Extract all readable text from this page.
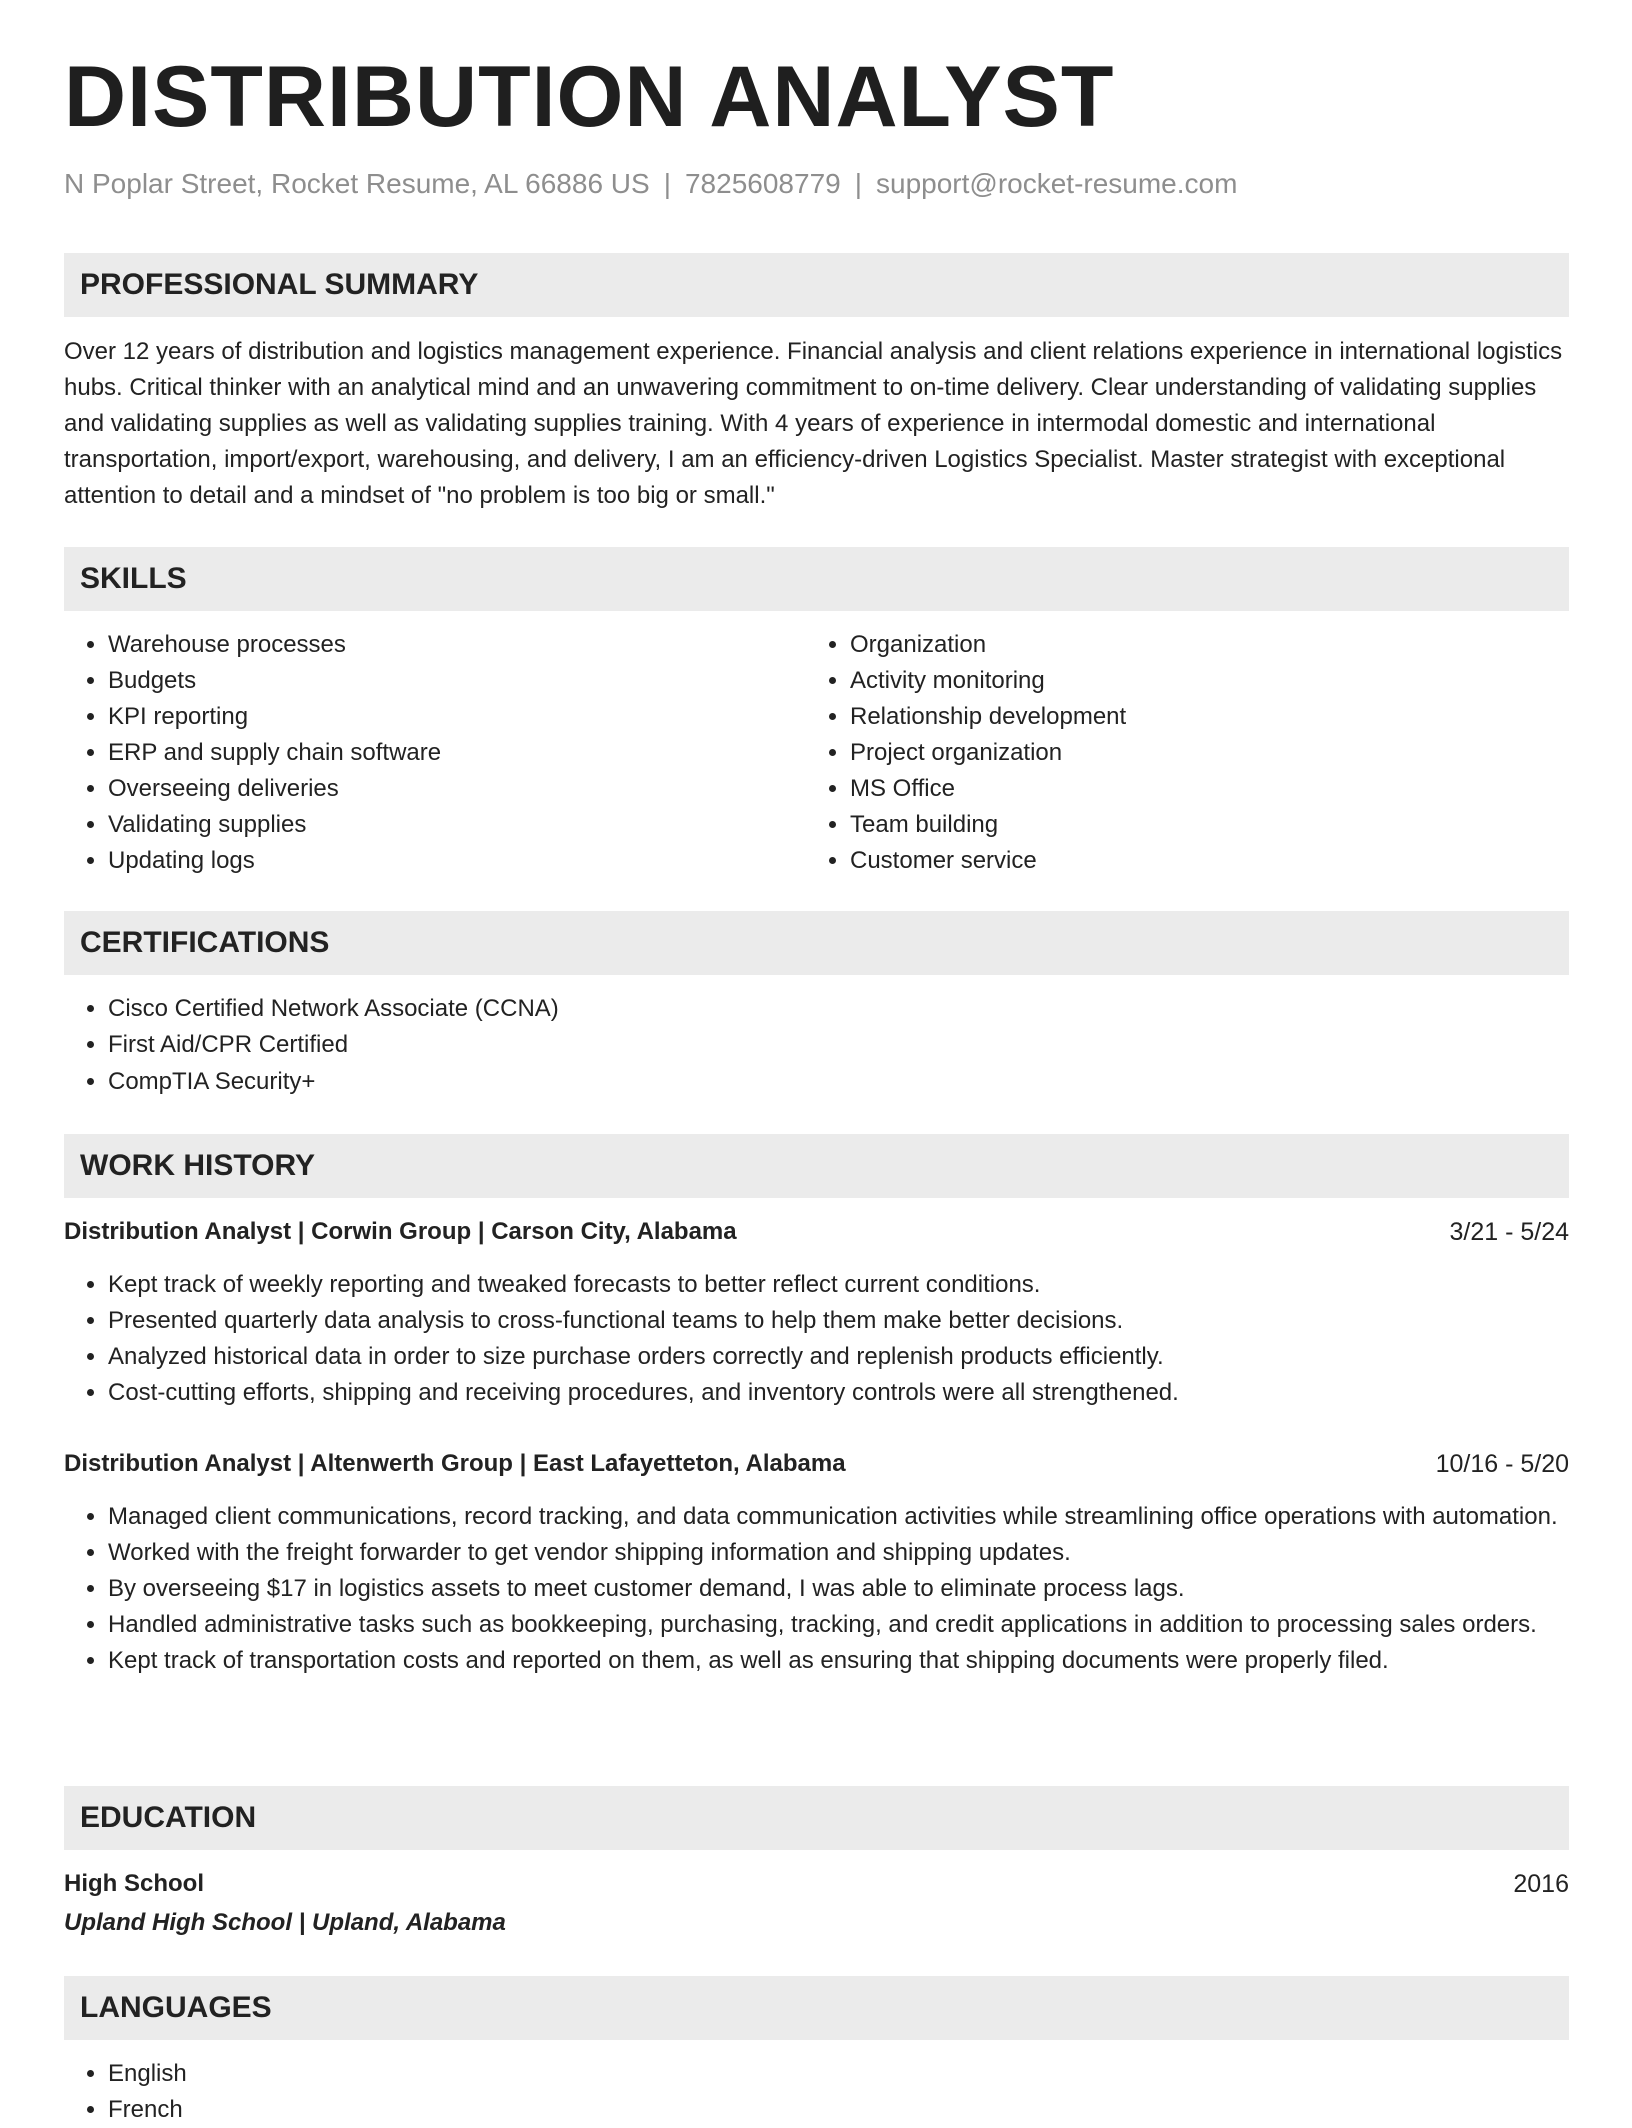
DISTRIBUTION ANALYST
N Poplar Street, Rocket Resume, AL 66886 US | 7825608779 | support@rocket-resume.com
PROFESSIONAL SUMMARY
Over 12 years of distribution and logistics management experience. Financial analysis and client relations experience in international logistics hubs. Critical thinker with an analytical mind and an unwavering commitment to on-time delivery. Clear understanding of validating supplies and validating supplies as well as validating supplies training. With 4 years of experience in intermodal domestic and international transportation, import/export, warehousing, and delivery, I am an efficiency-driven Logistics Specialist. Master strategist with exceptional attention to detail and a mindset of "no problem is too big or small."
SKILLS
• Warehouse processes
• Budgets
• KPI reporting
• ERP and supply chain software
• Overseeing deliveries
• Validating supplies
• Updating logs
• Organization
• Activity monitoring
• Relationship development
• Project organization
• MS Office
• Team building
• Customer service
CERTIFICATIONS
• Cisco Certified Network Associate (CCNA)
• First Aid/CPR Certified
• CompTIA Security+
WORK HISTORY
Distribution Analyst | Corwin Group | Carson City, Alabama	3/21 - 5/24
• Kept track of weekly reporting and tweaked forecasts to better reflect current conditions.
• Presented quarterly data analysis to cross-functional teams to help them make better decisions.
• Analyzed historical data in order to size purchase orders correctly and replenish products efficiently.
• Cost-cutting efforts, shipping and receiving procedures, and inventory controls were all strengthened.
Distribution Analyst | Altenwerth Group | East Lafayetteton, Alabama	10/16 - 5/20
• Managed client communications, record tracking, and data communication activities while streamlining office operations with automation.
• Worked with the freight forwarder to get vendor shipping information and shipping updates.
• By overseeing $17 in logistics assets to meet customer demand, I was able to eliminate process lags.
• Handled administrative tasks such as bookkeeping, purchasing, tracking, and credit applications in addition to processing sales orders.
• Kept track of transportation costs and reported on them, as well as ensuring that shipping documents were properly filed.
EDUCATION
High School	2016
Upland High School | Upland, Alabama
LANGUAGES
• English
• French
